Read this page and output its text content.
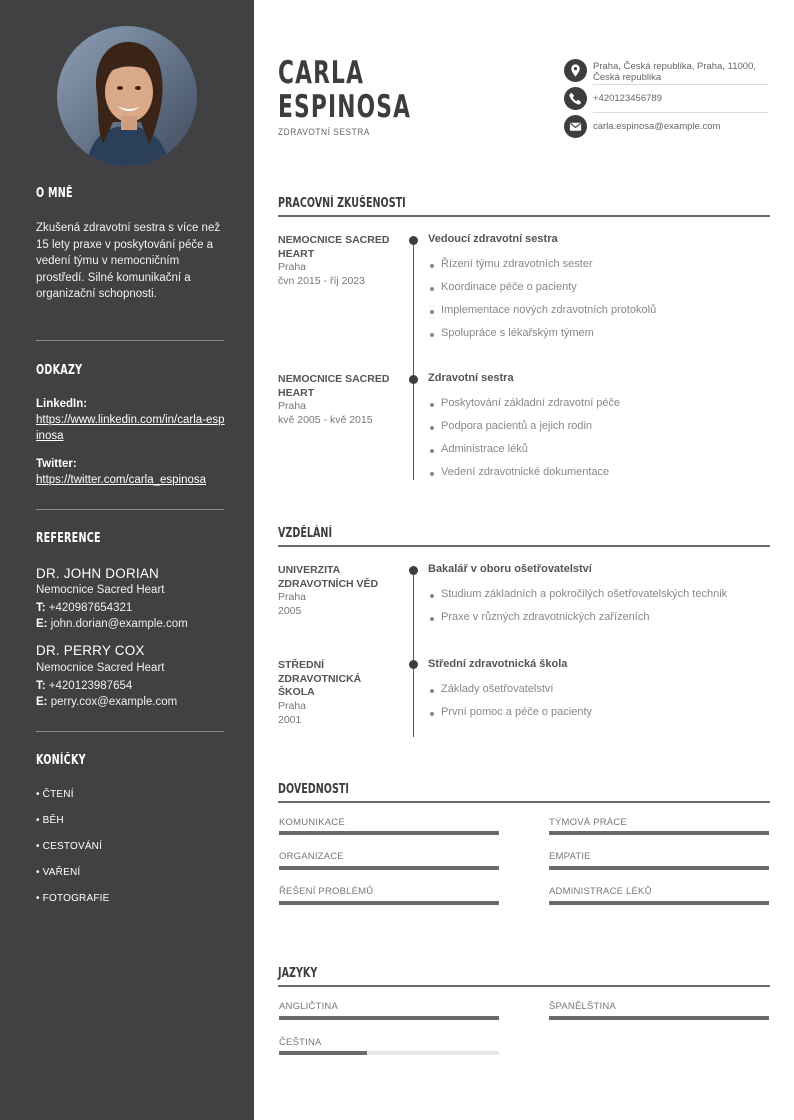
O MNĚ
Zkušená zdravotní sestra s více než 15 lety praxe v poskytování péče a vedení týmu v nemocničním prostředí. Silné komunikační a organizační schopnosti.
ODKAZY
LinkedIn:
https://www.linkedin.com/in/carla-espinosa
Twitter:
https://twitter.com/carla_espinosa
REFERENCE
DR. JOHN DORIAN
Nemocnice Sacred Heart
T: +420987654321
E: john.dorian@example.com
DR. PERRY COX
Nemocnice Sacred Heart
T: +420123987654
E: perry.cox@example.com
KONÍČKY
• ČTENÍ
• BĚH
• CESTOVÁNÍ
• VAŘENÍ
• FOTOGRAFIE
CARLA
ESPINOSA
ZDRAVOTNÍ SESTRA
Praha, Česká republika, Praha, 11000, Česká republika
+420123456789
carla.espinosa@example.com
PRACOVNÍ ZKUŠENOSTI
NEMOCNICE SACRED HEART
Praha
čvn 2015 - říj 2023
Vedoucí zdravotní sestra
Řízení týmu zdravotních sester
Koordinace péče o pacienty
Implementace nových zdravotních protokolů
Spolupráce s lékařským týmem
NEMOCNICE SACRED HEART
Praha
kvě 2005 - kvě 2015
Zdravotní sestra
Poskytování základní zdravotní péče
Podpora pacientů a jejich rodin
Administrace léků
Vedení zdravotnické dokumentace
VZDĚLÁNÍ
UNIVERZITA ZDRAVOTNÍCH VĚD
Praha
2005
Bakalář v oboru ošetřovatelství
Studium základních a pokročilých ošetřovatelských technik
Praxe v různých zdravotnických zařízeních
STŘEDNÍ ZDRAVOTNICKÁ ŠKOLA
Praha
2001
Střední zdravotnická škola
Základy ošetřovatelství
První pomoc a péče o pacienty
DOVEDNOSTI
KOMUNIKACE	TÝMOVÁ PRÁCE
ORGANIZACE	EMPATIE
ŘEŠENÍ PROBLÉMŮ	ADMINISTRACE LÉKŮ
JAZYKY
ANGLIČTINA	ŠPANĚLŠTINA
ČEŠTINA
